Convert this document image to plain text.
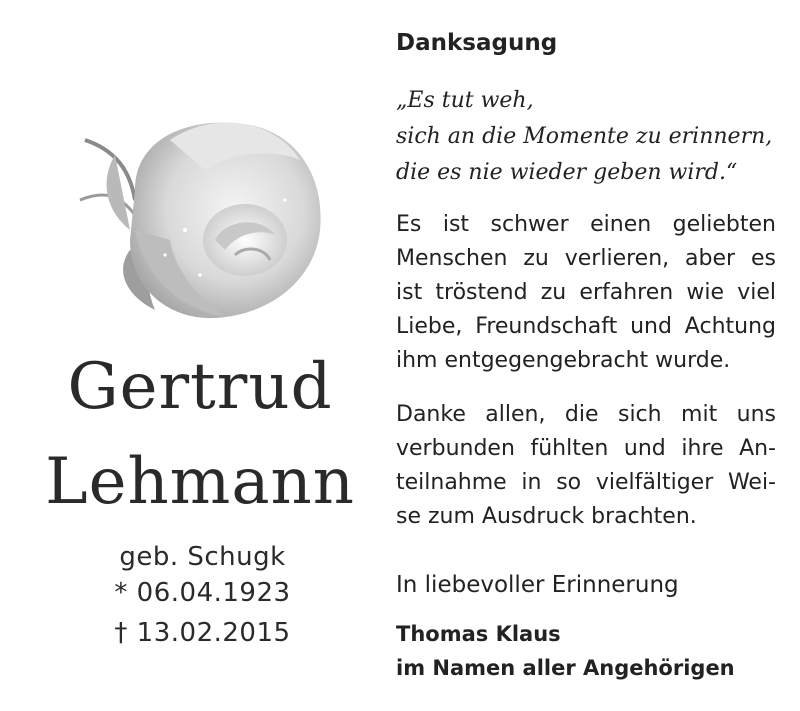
Gertrud
Lehmann
geb. Schugk
* 06.04.1923
† 13.02.2015
Danksagung
„Es tut weh,
sich an die Momente zu erinnern,
die es nie wieder geben wird.“
Es ist schwer einen geliebten
Menschen zu verlieren, aber es
ist tröstend zu erfahren wie viel
Liebe, Freundschaft und Achtung
ihm entgegengebracht wurde.
Danke allen, die sich mit uns
verbunden fühlten und ihre An-
teilnahme in so vielfältiger Wei-
se zum Ausdruck brachten.
In liebevoller Erinnerung
Thomas Klaus
im Namen aller Angehörigen
